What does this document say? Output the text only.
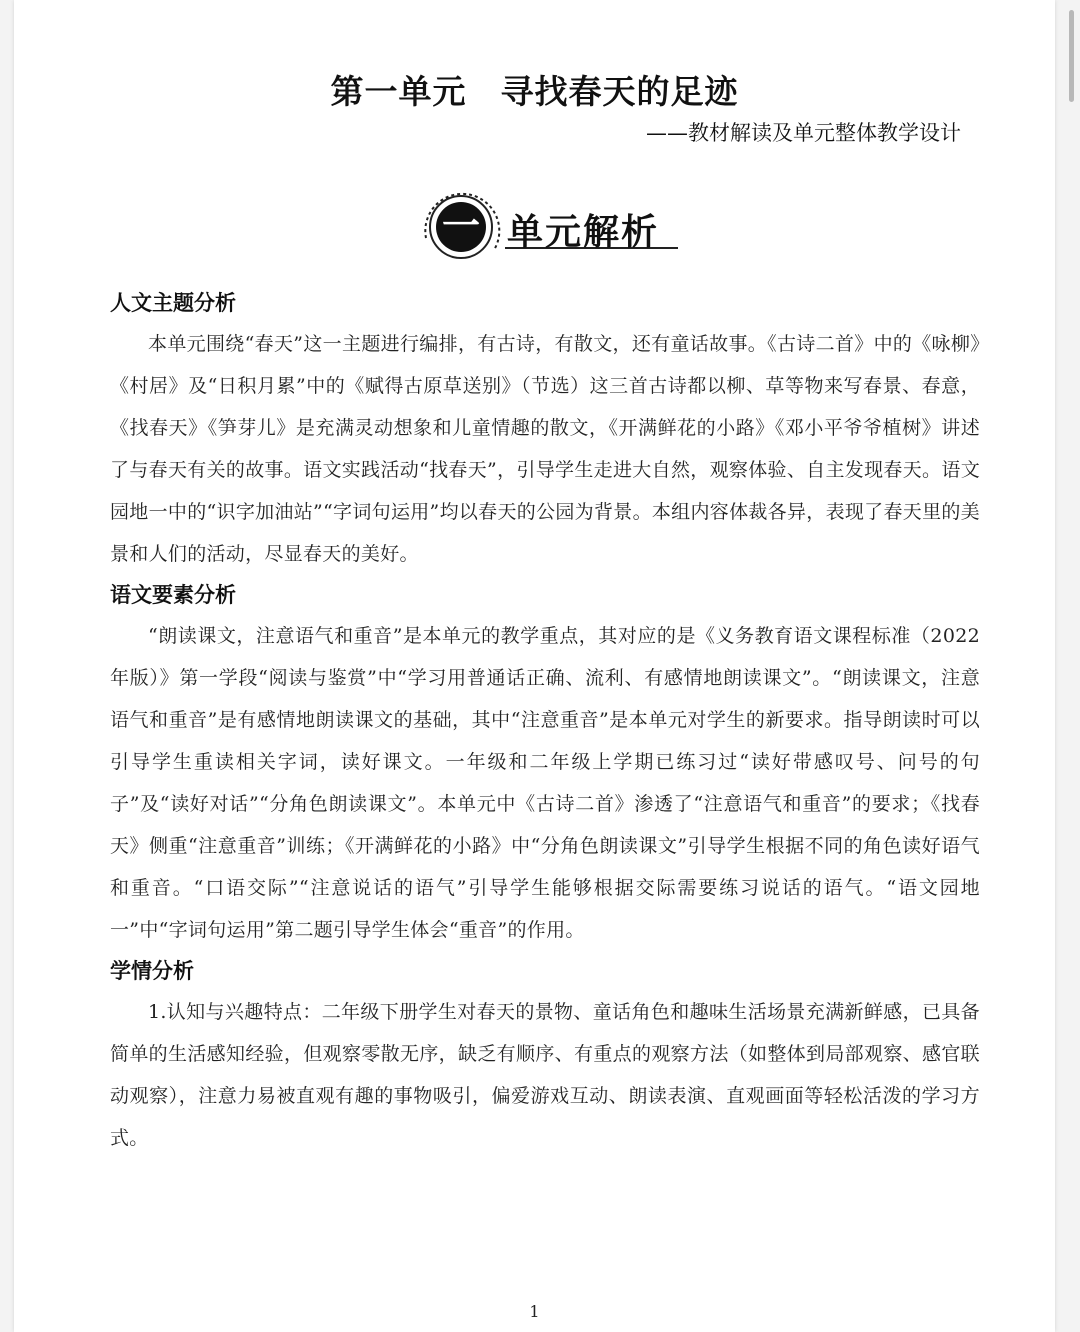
第一单元　寻找春天的足迹
——教材解读及单元整体教学设计
一 单元解析
人文主题分析

本单元围绕“春天”这一主题进行编排，有古诗，有散文，还有童话故事。《古诗二首》中的《咏柳》《村居》及“日积月累”中的《赋得古原草送别》（节选）这三首古诗都以柳、草等物来写春景、春意，《找春天》《笋芽儿》是充满灵动想象和儿童情趣的散文，《开满鲜花的小路》《邓小平爷爷植树》讲述了与春天有关的故事。语文实践活动“找春天”，引导学生走进大自然，观察体验、自主发现春天。语文园地一中的“识字加油站”“字词句运用”均以春天的公园为背景。本组内容体裁各异，表现了春天里的美景和人们的活动，尽显春天的美好。

语文要素分析

“朗读课文，注意语气和重音”是本单元的教学重点，其对应的是《义务教育语文课程标准（2022年版）》第一学段“阅读与鉴赏”中“学习用普通话正确、流利、有感情地朗读课文”。“朗读课文，注意语气和重音”是有感情地朗读课文的基础，其中“注意重音”是本单元对学生的新要求。指导朗读时可以引导学生重读相关字词，读好课文。一年级和二年级上学期已练习过“读好带感叹号、问号的句子”及“读好对话”“分角色朗读课文”。本单元中《古诗二首》渗透了“注意语气和重音”的要求；《找春天》侧重“注意重音”训练；《开满鲜花的小路》中“分角色朗读课文”引导学生根据不同的角色读好语气和重音。“口语交际”“注意说话的语气”引导学生能够根据交际需要练习说话的语气。“语文园地一”中“字词句运用”第二题引导学生体会“重音”的作用。

学情分析

1.认知与兴趣特点：二年级下册学生对春天的景物、童话角色和趣味生活场景充满新鲜感，已具备简单的生活感知经验，但观察零散无序，缺乏有顺序、有重点的观察方法（如整体到局部观察、感官联动观察），注意力易被直观有趣的事物吸引，偏爱游戏互动、朗读表演、直观画面等轻松活泼的学习方式。

1
